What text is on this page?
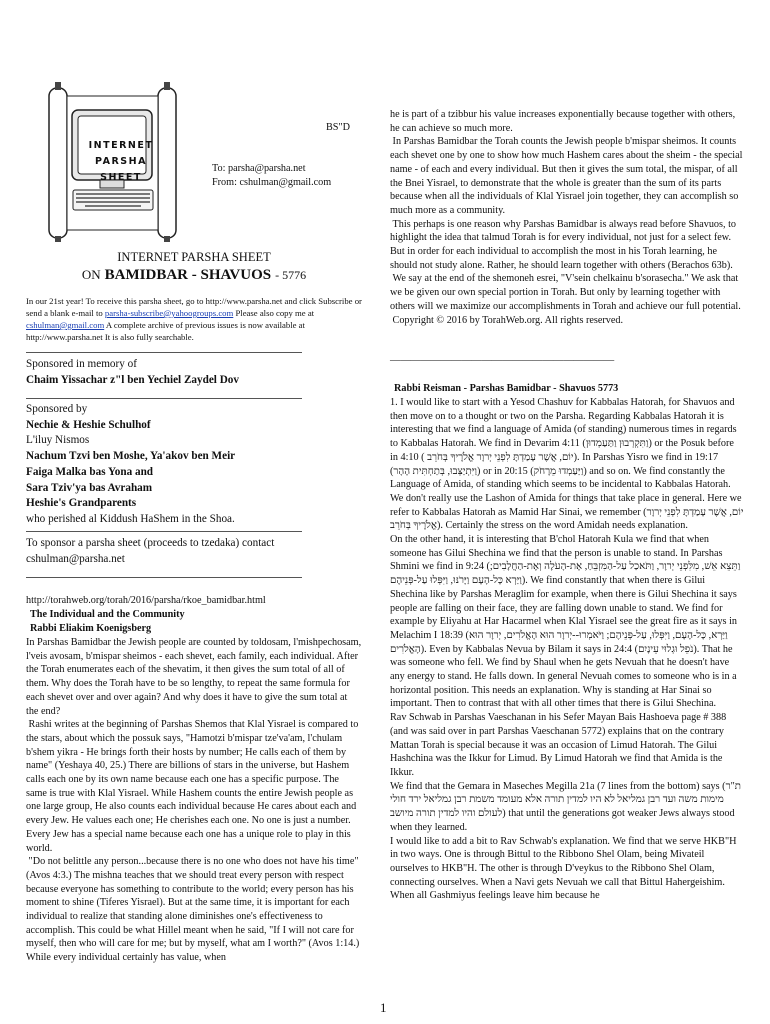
INTERNET
PARSHA
SHEET
BS"D
To: parsha@parsha.net
From: cshulman@gmail.com
INTERNET PARSHA SHEET
ON BAMIDBAR - SHAVUOS - 5776
In our 21st year! To receive this parsha sheet, go to http://www.parsha.net and click Subscribe or send a blank e-mail to parsha-subscribe@yahoogroups.com Please also copy me at cshulman@gmail.com A complete archive of previous issues is now available at http://www.parsha.net It is also fully searchable.
Sponsored in memory of
Chaim Yissachar z"l ben Yechiel Zaydel Dov
Sponsored by
Nechie & Heshie Schulhof
L'iluy Nismos
Nachum Tzvi ben Moshe, Ya'akov ben Meir
Faiga Malka bas Yona and
Sara Tziv'ya bas Avraham
Heshie's Grandparents
who perished al Kiddush HaShem in the Shoa.
To sponsor a parsha sheet (proceeds to tzedaka) contact
cshulman@parsha.net
http://torahweb.org/torah/2016/parsha/rkoe_bamidbar.html
The Individual and the Community
Rabbi Eliakim Koenigsberg
In Parshas Bamidbar the Jewish people are counted by toldosam, l'mishpechosam, l'veis avosam, b'mispar sheimos - each shevet, each family, each individual. After the Torah enumerates each of the shevatim, it then gives the sum total of all of them. Why does the Torah have to be so lengthy, to repeat the same formula for each shevet over and over again? And why does it have to give the sum total at the end?
Rashi writes at the beginning of Parshas Shemos that Klal Yisrael is compared to the stars, about which the possuk says, "Hamotzi b'mispar tze'va'am, l'chulam b'shem yikra - He brings forth their hosts by number; He calls each of them by name" (Yeshaya 40, 25.) There are billions of stars in the universe, but Hashem calls each one by its own name because each one has a specific purpose. The same is true with Klal Yisrael. While Hashem counts the entire Jewish people as one large group, He also counts each individual because He cares about each and every Jew. He values each one; He cherishes each one. No one is just a number. Every Jew has a special name because each one has a unique role to play in this world.
"Do not belittle any person...because there is no one who does not have his time" (Avos 4:3.) The mishna teaches that we should treat every person with respect because everyone has something to contribute to the world; every person has his moment to shine (Tiferes Yisrael). But at the same time, it is important for each individual to realize that standing alone diminishes one's effectiveness to accomplish. This could be what Hillel meant when he said, "If I will not care for myself, then who will care for me; but by myself, what am I worth?" (Avos 1:14.) While every individual certainly has value, when
he is part of a tzibbur his value increases exponentially because together with others, he can achieve so much more.
In Parshas Bamidbar the Torah counts the Jewish people b'mispar sheimos. It counts each shevet one by one to show how much Hashem cares about the sheim - the special name - of each and every individual. But then it gives the sum total, the mispar, of all the Bnei Yisrael, to demonstrate that the whole is greater than the sum of its parts because when all the individuals of Klal Yisrael join together, they can accomplish so much more as a community.
This perhaps is one reason why Parshas Bamidbar is always read before Shavuos, to highlight the idea that talmud Torah is for every individual, not just for a select few. But in order for each individual to accomplish the most in his Torah learning, he should not study alone. Rather, he should learn together with others (Berachos 63b).
We say at the end of the shemoneh esrei, "V'sein chelkainu b'sorasecha." We ask that we be given our own special portion in Torah. But only by learning together with others will we maximize our accomplishments in Torah and achieve our full potential.
Copyright © 2016 by TorahWeb.org. All rights reserved.
——————————————————————
Rabbi Reisman - Parshas Bamidbar - Shavuos 5773
1. I would like to start with a Yesod Chashuv for Kabbalas Hatorah, for Shavuos and then move on to a thought or two on the Parsha. Regarding Kabbalas Hatorah it is interesting that we find a language of Amida (of standing) numerous times in regards to Kabbalas Hatorah. We find in Devarim 4:11 (וַתִּקְרְבוּן וַתַּעַמְדוּן) or the Posuk before in 4:10 ( יוֹם, אֲשֶׁר עָמַדְתָּ לִפְנֵי יְרוָר אֱלֹרֶיךָ בְּחֹרֵב). In Parshas Yisro we find in 19:17 (וַיִּתְיַצְּבוּ, בְּתַחְתִּית הָהָר) or in 20:15 (וַיַּעַמְדוּ מֵרָחֹק) and so on. We find constantly the Language of Amida, of standing which seems to be incidental to Kabbalas Hatorah. We don't really use the Lashon of Amida for things that take place in general. Here we refer to Kabbalas Hatorah as Mamid Har Sinai, we remember (יוֹם, אֲשֶׁר עָמַדְתָּ לִפְנֵי יְרוָר אֱלֹרֶיךָ בְּחֹרֵב). Certainly the stress on the word Amidah needs explanation.
On the other hand, it is interesting that B'chol Hatorah Kula we find that when someone has Gilui Shechina we find that the person is unable to stand. In Parshas Shmini we find in 9:24 (וַתֵּצֵא אֵשׁ, מִלִּפְנֵי יְרוָר, וַתֹּאכַל עַל-הַמִּזְבֵּחַ, אֶת-הָעֹלָה וְאֶת-הַחֲלָבִים; וַיַּרְא כָּל-הָעָם וַיָּרֹנּוּ, וַיִּפְּלוּ עַל-פְּנֵיהֶם). We find constantly that when there is Gilui Shechina like by Parshas Meraglim for example, when there is Gilui Shechina it says people are falling on their face, they are falling down unable to stand. We find for example by Eliyahu at Har Hacarmel when Klal Yisrael see the great fire as it says in Melachim I 18:39 (וַיַּרְא, כָּל-הָעָם, וַיִּפְּלוּ, עַל-פְּנֵיהֶם; וַיֹּאמְרוּ--יְרוָר הוּא הָאֱלֹרִים, יְרוָר הוּא הָאֱלֹרִים). Even by Kabbalas Nevua by Bilam it says in 24:4 (נֹפֵל וּגְלוּי עֵינָיִם). That he was someone who fell. We find by Shaul when he gets Nevuah that he doesn't have any energy to stand. He falls down. In general Nevuah comes to someone who is in a horizontal position. This needs an explanation. Why is standing at Har Sinai so important. Then to contrast that with all other times that there is Gilui Shechina.
Rav Schwab in Parshas Vaeschanan in his Sefer Mayan Bais Hashoeva page # 388 (and was said over in part Parshas Vaeschanan 5772) explains that on the contrary Mattan Torah is special because it was an occasion of Limud Hatorah. The Gilui Hashchina was the Ikkur for Limud. By Limud Hatorah we find that Amida is the Ikkur.
We find that the Gemara in Maseches Megilla 21a (7 lines from the bottom) says (ת"ר מימות משה ועד רבן גמליאל לא היו למדין תורה אלא מעומד משמת רבן גמליאל ירד חולי לעולם והיו למדין תורה מיושב) that until the generations got weaker Jews always stood when they learned.
I would like to add a bit to Rav Schwab's explanation. We find that we serve HKB"H in two ways. One is through Bittul to the Ribbono Shel Olam, being Mivateil ourselves to HKB"H. The other is through D'veykus to the Ribbono Shel Olam, connecting ourselves. When a Navi gets Nevuah we call that Bittul Hahergeishim. When all Gashmiyus feelings leave him because he
1
